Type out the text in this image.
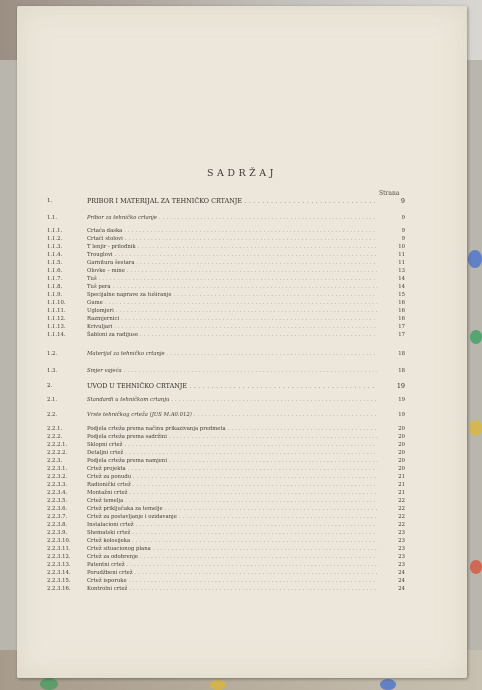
SADRŽAJ
Strana
1.	PRIBOR I MATERIJAL ZA TEHNIČKO CRTANJE . . .	9
1.1.	Pribor za tehničko crtanje . . .	9
1.1.1.	Crtaća daska . . .	9
1.1.2.	Crtaći stolovi . . .	9
1.1.3.	T lenjir - prilođnik . . .	10
1.1.4.	Trouglovi . . .	11
1.1.5.	Garnitura šestara . . .	11
1.1.6.	Olovke – mine . . .	13
1.1.7.	Tuš . . .	14
1.1.8.	Tuš pera . . .	14
1.1.9.	Specijalne naprave za tuširanje . . .	15
1.1.10.	Gume . . .	16
1.1.11.	Uglomjeri . . .	16
1.1.12.	Razmjernici . . .	16
1.1.13.	Krivuljari . . .	17
1.1.14.	Šabloni za radijuse . . .	17
1.2.	Materijal za tehničko crtanje . . .	18
1.3.	Smjer vajeća . . .	18
2.	UVOD U TEHNIČKO CRTANJE . . .	19
2.1.	Standardi u tehničkom crtanju . . .	19
2.2.	Vrste tehničkog crteža (JUS M.A0.012) . . .	19
2.2.1.	Podjela crteža prema načinu prikazivanja predmeta . . .	20
2.2.2.	Podjela crteža prema sadržini . . .	20
2.2.2.1.	Sklopni crtež . . .	20
2.2.2.2.	Detaljni crtež . . .	20
2.2.3.	Podjela crteža prema namjeni . . .	20
2.2.3.1.	Crtež projekta . . .	20
2.2.3.2.	Crtež za ponudu . . .	21
2.2.3.3.	Radionički crtež . . .	21
2.2.3.4.	Montažni crtež . . .	21
2.2.3.5.	Crtež temelja . . .	22
2.2.3.6.	Crtež priključaka za temelje . . .	22
2.2.3.7.	Crtež za postavljanje i ozidavanje . . .	22
2.2.3.8.	Instalacioni crtež . . .	22
2.2.3.9.	Shematski crtež . . .	23
2.2.3.10.	Crtež kolosijeka . . .	23
2.2.3.11.	Crtež situacionog plana . . .	23
2.2.3.12.	Crtež za odobrenje . . .	23
2.2.3.13.	Patentni crtež . . .	23
2.2.3.14.	Porudžbeni crtež . . .	24
2.2.3.15.	Crtež isporuke . . .	24
2.2.3.16.	Kontrolni crtež . . .	24
